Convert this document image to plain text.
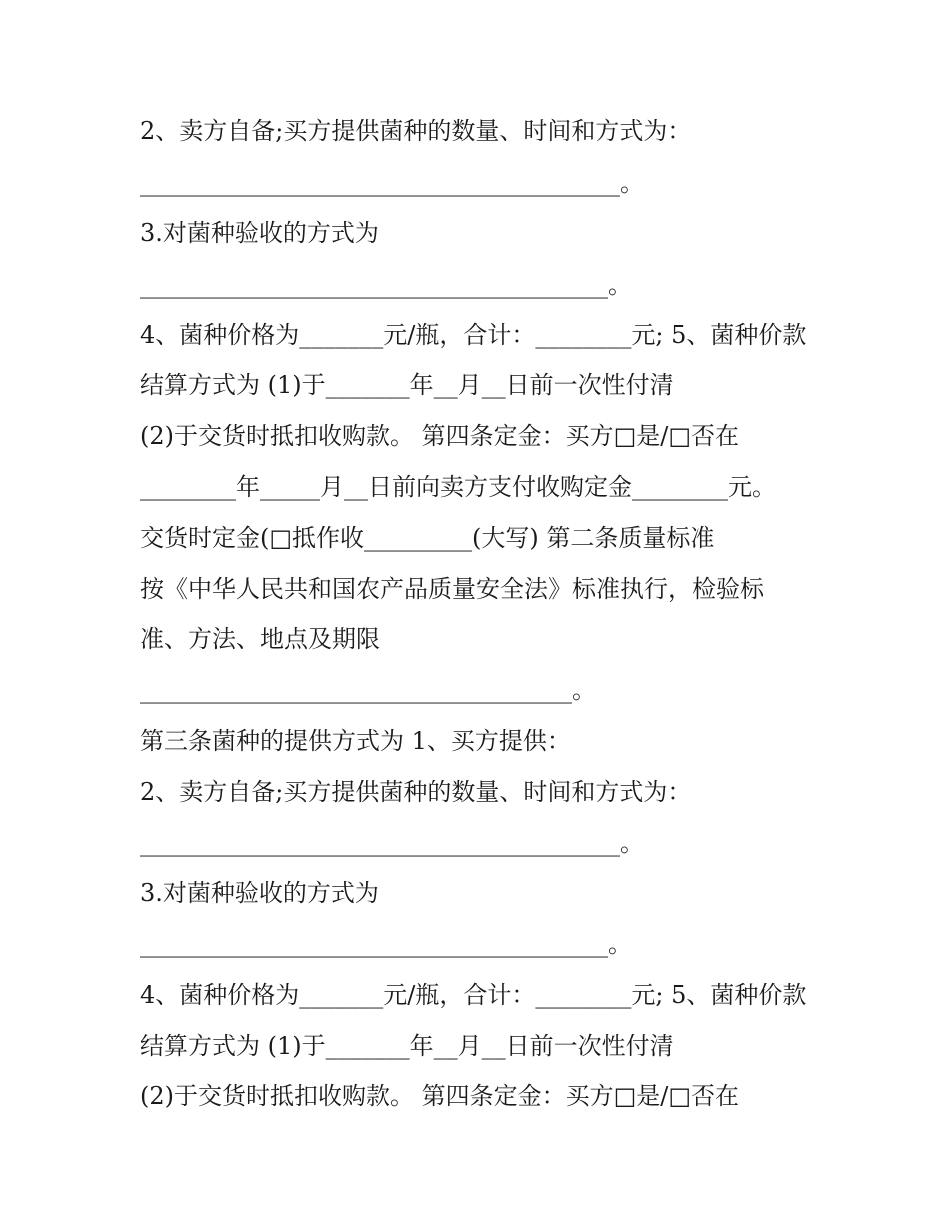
2、卖方自备;买方提供菌种的数量、时间和方式为：
________________________________________。
3.对菌种验收的方式为
_______________________________________。
4、菌种价格为_______元/瓶，合计：________元; 5、菌种价款
结算方式为 (1)于_______年__月__日前一次性付清
(2)于交货时抵扣收购款。 第四条定金：买方□是/□否在
________年_____月__日前向卖方支付收购定金________元。
交货时定金(□抵作收_________(大写) 第二条质量标准
按《中华人民共和国农产品质量安全法》标准执行，检验标
准、方法、地点及期限
____________________________________。
第三条菌种的提供方式为 1、买方提供：
2、卖方自备;买方提供菌种的数量、时间和方式为：
________________________________________。
3.对菌种验收的方式为
_______________________________________。
4、菌种价格为_______元/瓶，合计：________元; 5、菌种价款
结算方式为 (1)于_______年__月__日前一次性付清
(2)于交货时抵扣收购款。 第四条定金：买方□是/□否在
